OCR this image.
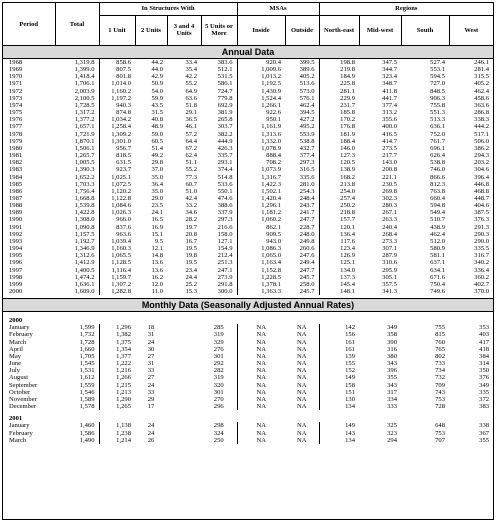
Period	Total	In Structures With				MSAs		Regions			
		1 Unit	2 Units	3 and 4 Units	5 Units or More	Inside	Outside	North-east	Mid-west	South	West
Annual Data
1968	1,319.8	858.6	44.2	33.4	383.6	920.4	399.5	198.8	347.5	527.4	246.1
1969	1,399.0	807.5	44.0	35.4	512.1	1,009.6	389.6	219.8	344.7	553.1	281.4
1970	1,418.4	801.8	42.9	42.2	531.5	1,013.2	405.2	184.9	323.4	594.5	315.5
1971	1,706.1	1,014.0	50.9	55.2	586.1	1,192.5	513.6	225.8	348.7	727.0	405.2
1972	2,003.9	1,160.2	54.0	64.9	724.7	1,430.9	573.0	281.1	411.8	848.5	462.4
1973	2,100.5	1,197.2	59.9	63.6	779.8	1,524.4	576.1	229.9	441.7	906.3	458.6
1974	1,728.5	940.3	43.5	51.8	692.9	1,266.1	462.4	231.7	377.4	755.8	363.6
1975	1,317.2	874.8	31.5	29.1	381.9	922.6	394.5	185.8	313.2	551.3	286.8
1976	1,377.2	1,034.2	40.8	36.5	265.8	950.1	427.2	170.2	355.6	513.3	338.3
1977	1,657.1	1,258.4	48.9	46.1	303.7	1,161.9	495.2	176.8	400.0	636.1	444.2
1978	1,721.9	1,309.2	59.0	57.2	382.2	1,313.6	553.9	181.9	416.5	752.0	517.1
1979	1,870.1	1,301.0	60.5	64.4	444.9	1,332.0	538.8	188.4	414.7	761.7	506.0
1980	1,506.1	956.7	51.4	67.2	426.3	1,078.9	432.7	146.0	273.5	696.1	386.2
1981	1,265.7	818.5	49.2	62.4	335.7	888.4	377.4	127.3	217.7	626.4	294.3
1982	1,005.5	631.5	29.8	51.1	293.1	708.2	297.3	120.5	143.0	538.8	203.2
1983	1,390.3	923.7	37.0	55.2	374.4	1,073.9	316.5	138.9	200.8	746.0	304.6
1984	1,652.2	1,025.1	35.0	77.3	514.8	1,316.7	335.6	168.2	221.1	866.6	396.4
1985	1,703.3	1,072.5	36.4	60.7	533.6	1,422.3	281.0	213.8	230.5	812.3	446.8
1986	1,756.4	1,120.2	35.0	51.0	550.1	1,502.1	254.3	254.0	269.8	763.8	468.8
1987	1,668.8	1,122.8	29.0	42.4	474.6	1,420.4	248.4	257.4	302.3	660.4	448.7
1988	1,539.8	1,084.6	23.5	33.2	388.6	1,296.1	243.7	250.2	280.3	594.8	404.6
1989	1,422.8	1,026.3	24.1	34.6	337.9	1,181.2	241.7	218.8	267.1	549.4	387.5
1990	1,308.0	966.0	16.5	28.2	297.3	1,060.2	247.7	157.7	263.3	510.7	376.3
1991	1,090.8	837.6	16.9	19.7	216.6	862.1	228.7	120.1	240.4	438.9	291.3
1992	1,157.5	963.6	15.1	20.8	158.0	909.5	248.0	136.4	268.4	462.4	290.3
1993	1,192.7	1,039.4	9.5	16.7	127.1	943.0	249.8	117.6	273.3	512.0	290.0
1994	1,346.9	1,160.3	12.1	19.5	154.9	1,086.3	260.6	123.4	307.1	580.9	335.5
1995	1,312.6	1,065.5	14.8	19.8	212.4	1,065.0	247.6	126.9	287.9	581.1	316.7
1996	1,412.9	1,128.5	13.6	19.5	251.3	1,163.4	249.4	125.1	310.6	637.1	340.2
1997	1,400.5	1,116.4	13.6	23.4	247.1	1,152.8	247.7	134.0	295.9	634.1	336.4
1998	1,474.2	1,159.7	16.2	24.4	273.9	1,228.5	245.7	137.3	305.1	671.6	360.2
1999	1,636.1	1,307.2	12.0	25.2	291.8	1,378.1	258.0	145.4	357.5	750.4	402.7
2000	1,609.0	1,282.8	11.0	15.3	300.0	1,363.3	245.7	148.1	341.3	749.6	370.0
Monthly Data (Seasonally Adjusted Annual Rates)

2000											
January	1,599	1,296	18		285	NA	NA	142	349	755	353
February	1,732	1,382	31		319	NA	NA	156	358	815	403
March	1,728	1,375	24		329	NA	NA	161	390	760	417
April	1,660	1,354	30		276	NA	NA	161	316	765	418
May	1,705	1,377	27		301	NA	NA	139	380	802	384
June	1,545	1,222	31		292	NA	NA	155	343	733	314
July	1,531	1,216	33		282	NA	NA	152	396	734	350
August	1,612	1,266	27		319	NA	NA	149	355	732	376
September	1,559	1,215	24		320	NA	NA	158	343	709	349
October	1,546	1,213	33		301	NA	NA	151	317	743	335
November	1,589	1,290	29		270	NA	NA	130	334	753	372
December	1,578	1,265	17		296	NA	NA	134	333	728	383

2001											
January	1,460	1,138	24		298	NA	NA	149	325	648	338
February	1,586	1,238	24		324	NA	NA	143	323	753	367
March	1,490	1,214	26		250	NA	NA	134	294	707	355
